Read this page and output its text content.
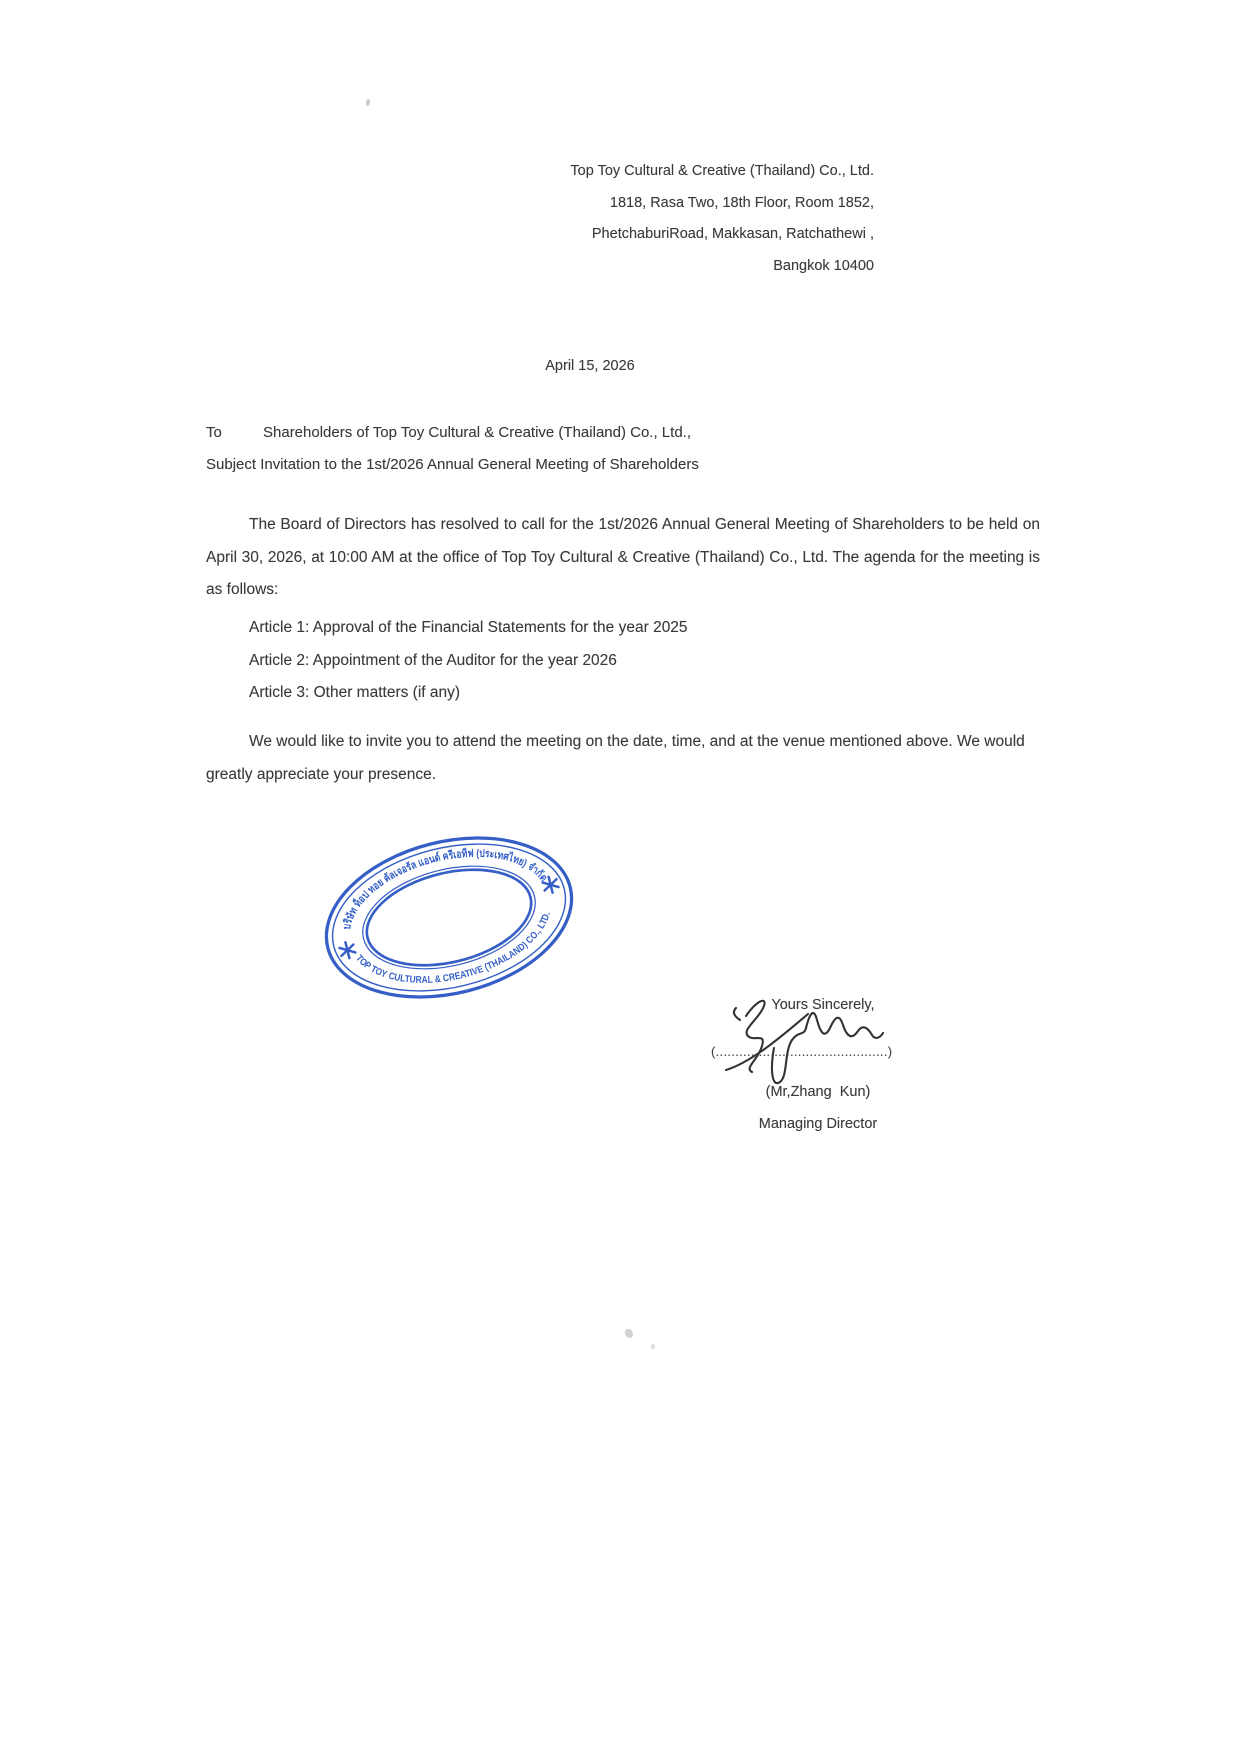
Top Toy Cultural & Creative (Thailand) Co., Ltd.
1818, Rasa Two, 18th Floor, Room 1852,
PhetchaburiRoad, Makkasan, Ratchathewi ,
Bangkok 10400
April 15, 2026
To	Shareholders of Top Toy Cultural & Creative (Thailand) Co., Ltd.,
Subject Invitation to the 1st/2026 Annual General Meeting of Shareholders
The Board of Directors has resolved to call for the 1st/2026 Annual General Meeting of Shareholders to be held on April 30, 2026, at 10:00 AM at the office of Top Toy Cultural & Creative (Thailand) Co., Ltd. The agenda for the meeting is as follows:
Article 1: Approval of the Financial Statements for the year 2025
Article 2: Appointment of the Auditor for the year 2026
Article 3: Other matters (if any)
We would like to invite you to attend the meeting on the date, time, and at the venue mentioned above. We would greatly appreciate your presence.
บริษัท ท็อป ทอย คัลเจอรัล แอนด์ ครีเอทีฟ (ประเทศไทย) จำกัด
TOP TOY CULTURAL & CREATIVE (THAILAND) CO., LTD.
Yours Sincerely,
(............................................)
(Mr,Zhang  Kun)
Managing Director
